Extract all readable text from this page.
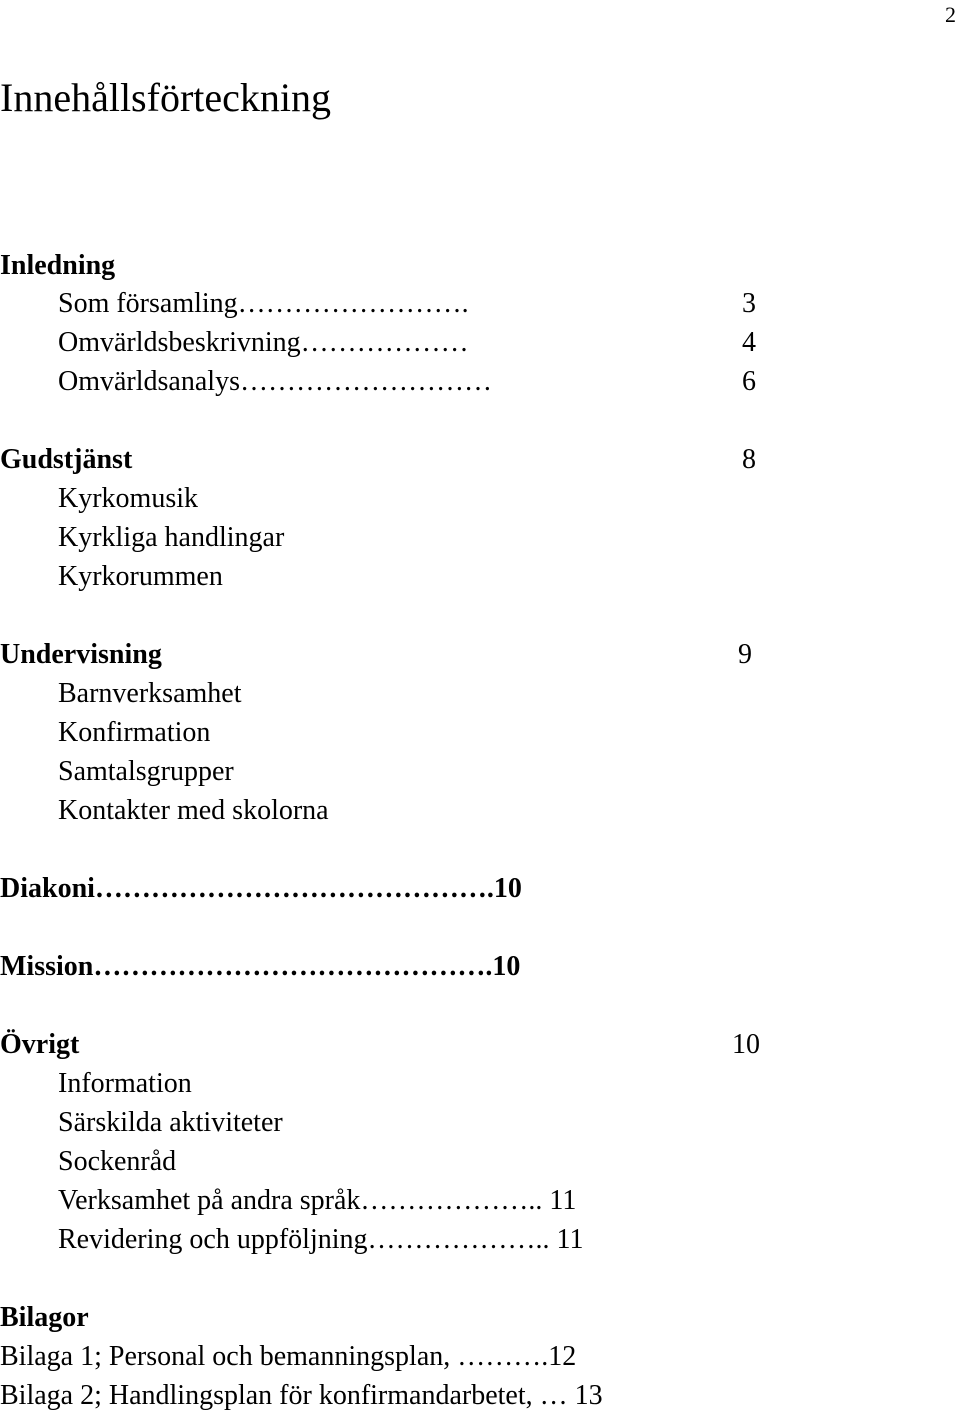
2
Innehållsförteckning
Inledning
Som församling…………………….	3
Omvärldsbeskrivning………………	4
Omvärldsanalys………………………	6
Gudstjänst	8
Kyrkomusik
Kyrkliga handlingar
Kyrkorummen
Undervisning	9
Barnverksamhet
Konfirmation
Samtalsgrupper
Kontakter med skolorna
Diakoni…………………………………….10
Mission…………………………………….10
Övrigt	10
Information
Särskilda aktiviteter
Sockenråd
Verksamhet på andra språk……………….. 11
Revidering och uppföljning……………….. 11
Bilagor
Bilaga 1; Personal och bemanningsplan, ……….12
Bilaga 2; Handlingsplan för konfirmandarbetet, … 13
